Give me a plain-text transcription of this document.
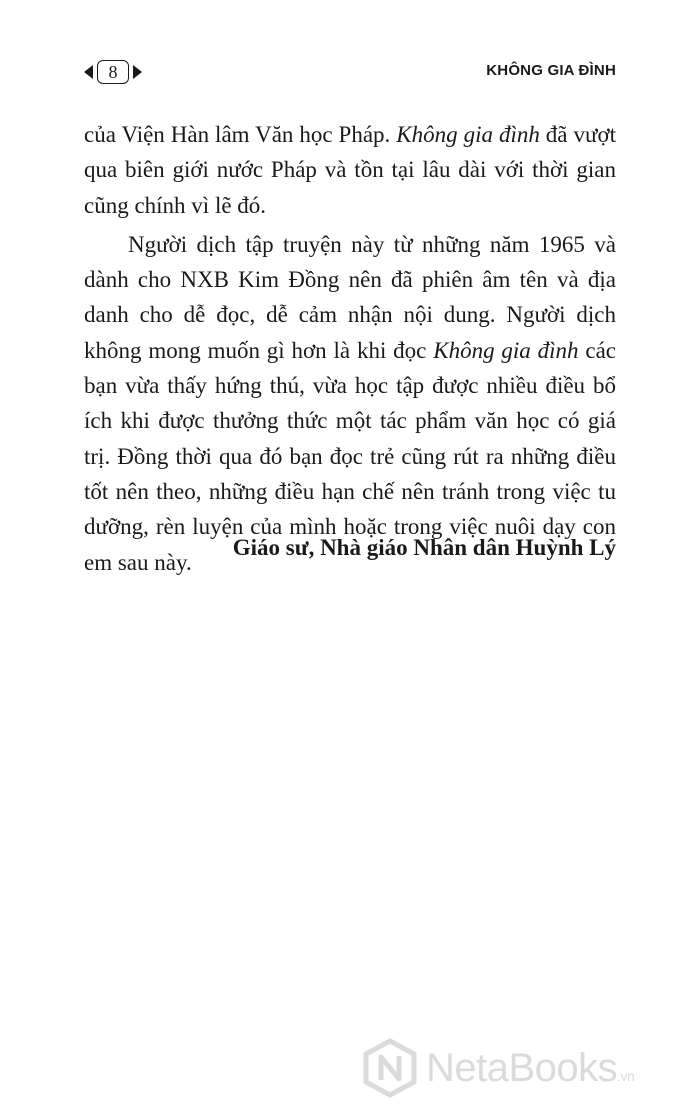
8	KHÔNG GIA ĐÌNH

của Viện Hàn lâm Văn học Pháp. Không gia đình đã vượt qua biên giới nước Pháp và tồn tại lâu dài với thời gian cũng chính vì lẽ đó.

Người dịch tập truyện này từ những năm 1965 và dành cho NXB Kim Đồng nên đã phiên âm tên và địa danh cho dễ đọc, dễ cảm nhận nội dung. Người dịch không mong muốn gì hơn là khi đọc Không gia đình các bạn vừa thấy hứng thú, vừa học tập được nhiều điều bổ ích khi được thưởng thức một tác phẩm văn học có giá trị. Đồng thời qua đó bạn đọc trẻ cũng rút ra những điều tốt nên theo, những điều hạn chế nên tránh trong việc tu dưỡng, rèn luyện của mình hoặc trong việc nuôi dạy con em sau này.

Giáo sư, Nhà giáo Nhân dân Huỳnh Lý
NetaBooks.vn
